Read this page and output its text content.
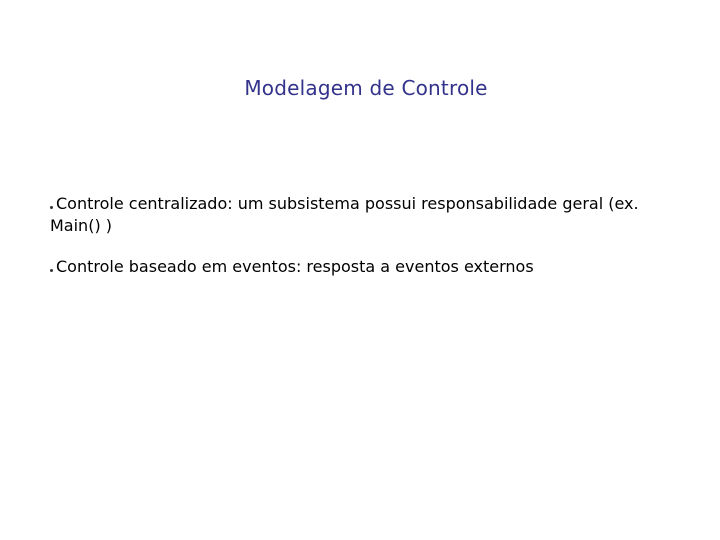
Modelagem de Controle
Controle centralizado: um subsistema possui responsabilidade geral (ex. Main() )
Controle baseado em eventos: resposta a eventos externos
